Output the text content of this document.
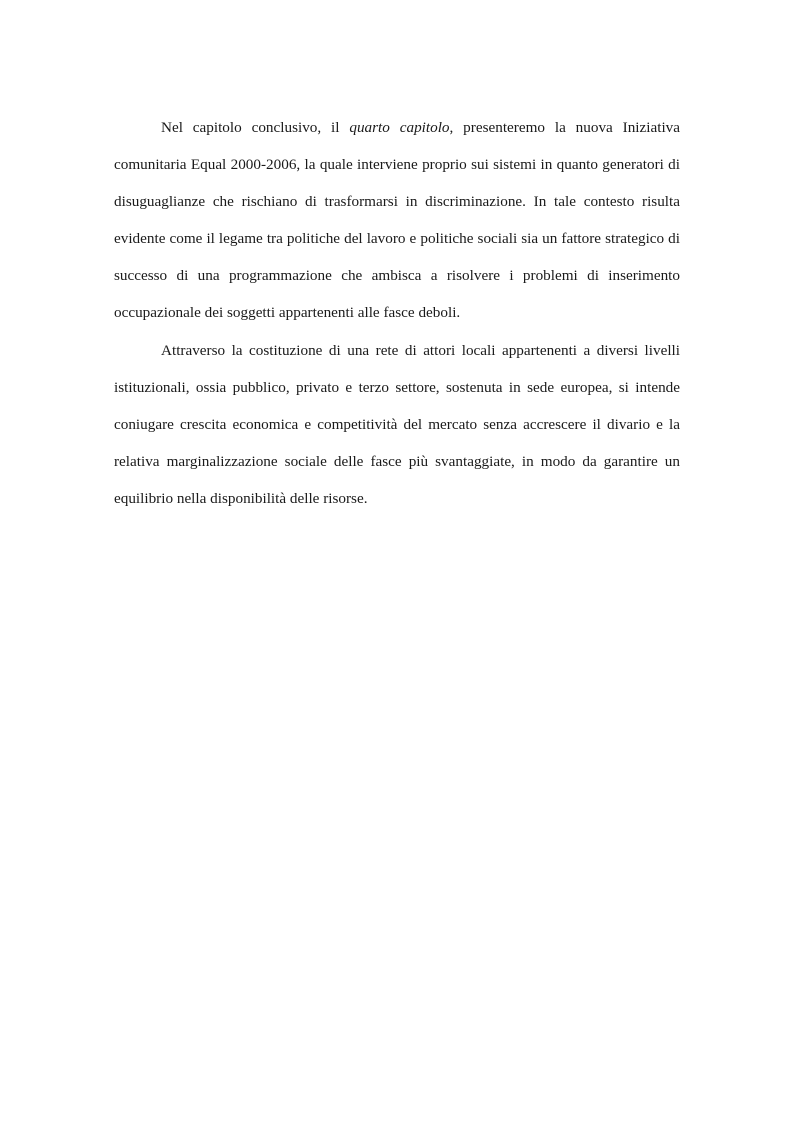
Nel capitolo conclusivo, il quarto capitolo, presenteremo la nuova Iniziativa comunitaria Equal 2000-2006, la quale interviene proprio sui sistemi in quanto generatori di disuguaglianze che rischiano di trasformarsi in discriminazione. In tale contesto risulta evidente come il legame tra politiche del lavoro e politiche sociali sia un fattore strategico di successo di una programmazione che ambisca a risolvere i problemi di inserimento occupazionale dei soggetti appartenenti alle fasce deboli.

Attraverso la costituzione di una rete di attori locali appartenenti a diversi livelli istituzionali, ossia pubblico, privato e terzo settore, sostenuta in sede europea, si intende coniugare crescita economica e competitività del mercato senza accrescere il divario e la relativa marginalizzazione sociale delle fasce più svantaggiate, in modo da garantire un equilibrio nella disponibilità delle risorse.
